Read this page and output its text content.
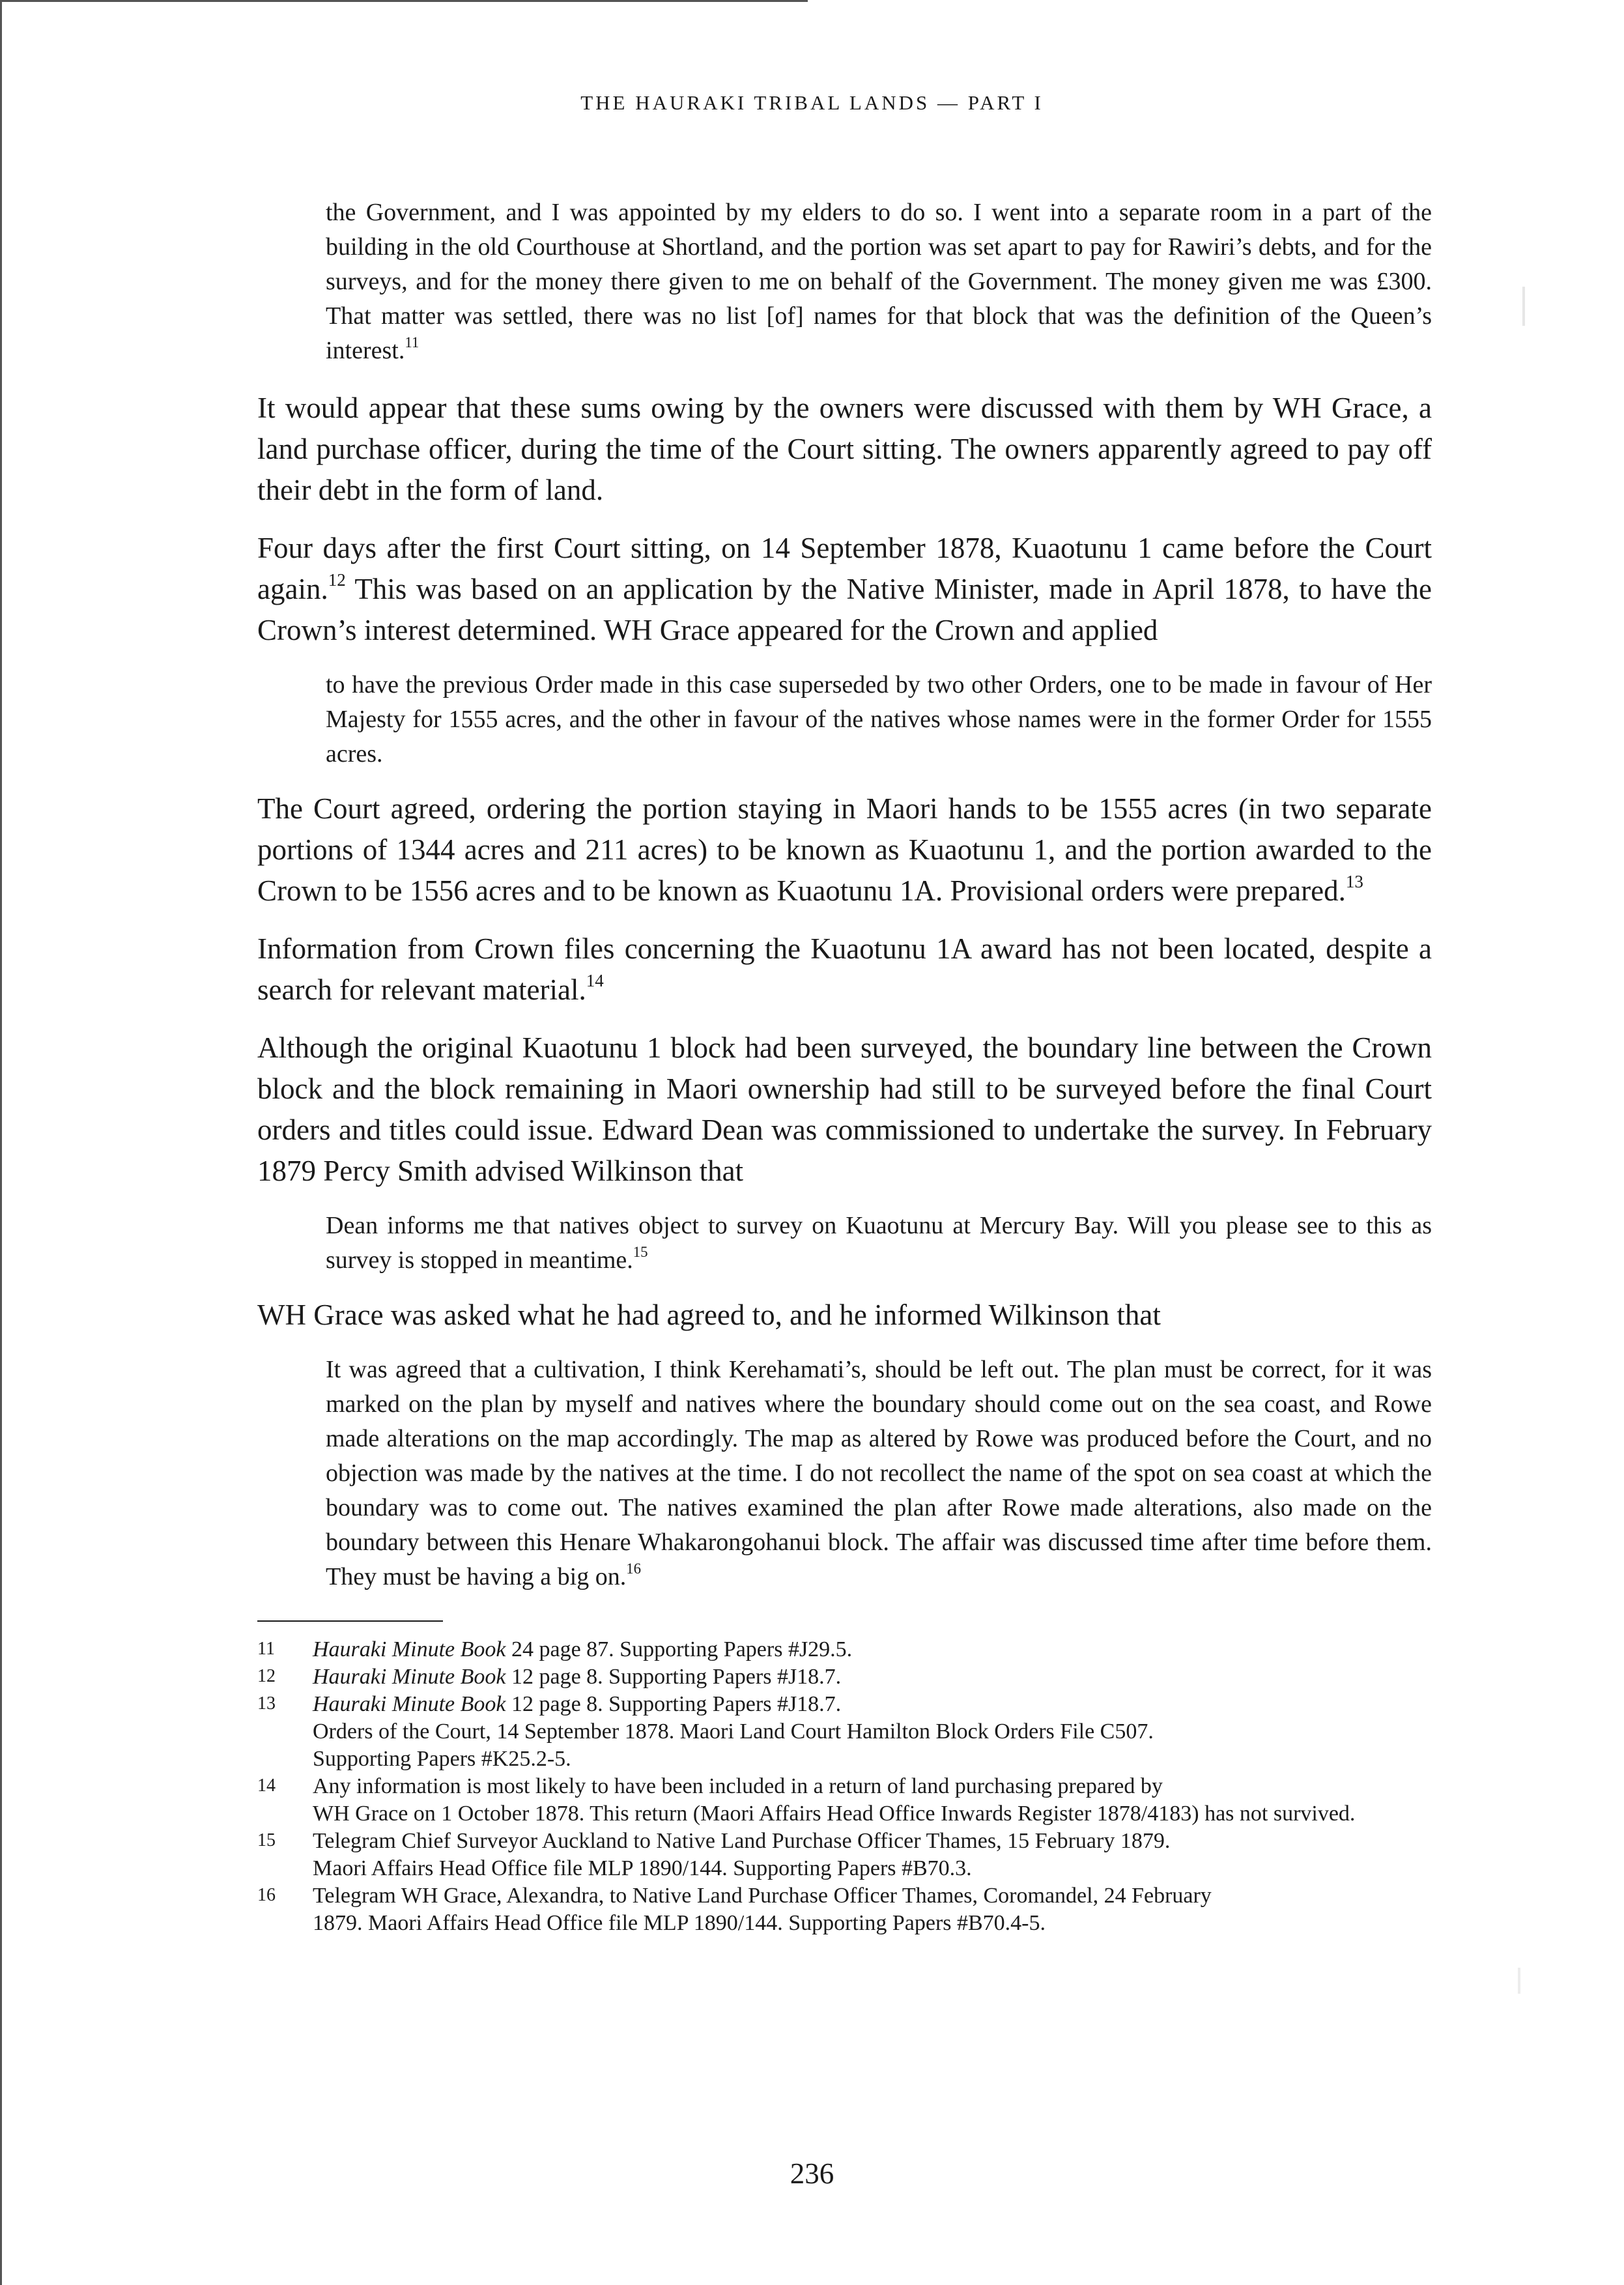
THE HAURAKI TRIBAL LANDS — PART I
the Government, and I was appointed by my elders to do so. I went into a separate room in a part of the building in the old Courthouse at Shortland, and the portion was set apart to pay for Rawiri’s debts, and for the surveys, and for the money there given to me on behalf of the Government. The money given me was £300. That matter was settled, there was no list [of] names for that block that was the definition of the Queen’s interest.$^{11}$

It would appear that these sums owing by the owners were discussed with them by WH Grace, a land purchase officer, during the time of the Court sitting. The owners apparently agreed to pay off their debt in the form of land.

Four days after the first Court sitting, on 14 September 1878, Kuaotunu 1 came before the Court again.$^{12}$ This was based on an application by the Native Minister, made in April 1878, to have the Crown’s interest determined. WH Grace appeared for the Crown and applied

to have the previous Order made in this case superseded by two other Orders, one to be made in favour of Her Majesty for 1555 acres, and the other in favour of the natives whose names were in the former Order for 1555 acres.

The Court agreed, ordering the portion staying in Maori hands to be 1555 acres (in two separate portions of 1344 acres and 211 acres) to be known as Kuaotunu 1, and the portion awarded to the Crown to be 1556 acres and to be known as Kuaotunu 1A. Provisional orders were prepared.$^{13}$

Information from Crown files concerning the Kuaotunu 1A award has not been located, despite a search for relevant material.$^{14}$

Although the original Kuaotunu 1 block had been surveyed, the boundary line between the Crown block and the block remaining in Maori ownership had still to be surveyed before the final Court orders and titles could issue. Edward Dean was commissioned to undertake the survey. In February 1879 Percy Smith advised Wilkinson that

Dean informs me that natives object to survey on Kuaotunu at Mercury Bay. Will you please see to this as survey is stopped in meantime.$^{15}$

WH Grace was asked what he had agreed to, and he informed Wilkinson that

It was agreed that a cultivation, I think Kerehamati’s, should be left out. The plan must be correct, for it was marked on the plan by myself and natives where the boundary should come out on the sea coast, and Rowe made alterations on the map accordingly. The map as altered by Rowe was produced before the Court, and no objection was made by the natives at the time. I do not recollect the name of the spot on sea coast at which the boundary was to come out. The natives examined the plan after Rowe made alterations, also made on the boundary between this Henare Whakarongohanui block. The affair was discussed time after time before them. They must be having a big on.$^{16}$
11	Hauraki Minute Book 24 page 87. Supporting Papers #J29.5.
12	Hauraki Minute Book 12 page 8. Supporting Papers #J18.7.
13	Hauraki Minute Book 12 page 8. Supporting Papers #J18.7.
Orders of the Court, 14 September 1878. Maori Land Court Hamilton Block Orders File C507.
Supporting Papers #K25.2-5.
14	Any information is most likely to have been included in a return of land purchasing prepared by
WH Grace on 1 October 1878. This return (Maori Affairs Head Office Inwards Register 1878/4183) has not survived.
15	Telegram Chief Surveyor Auckland to Native Land Purchase Officer Thames, 15 February 1879.
Maori Affairs Head Office file MLP 1890/144. Supporting Papers #B70.3.
16	Telegram WH Grace, Alexandra, to Native Land Purchase Officer Thames, Coromandel, 24 February
1879. Maori Affairs Head Office file MLP 1890/144. Supporting Papers #B70.4-5.
236
